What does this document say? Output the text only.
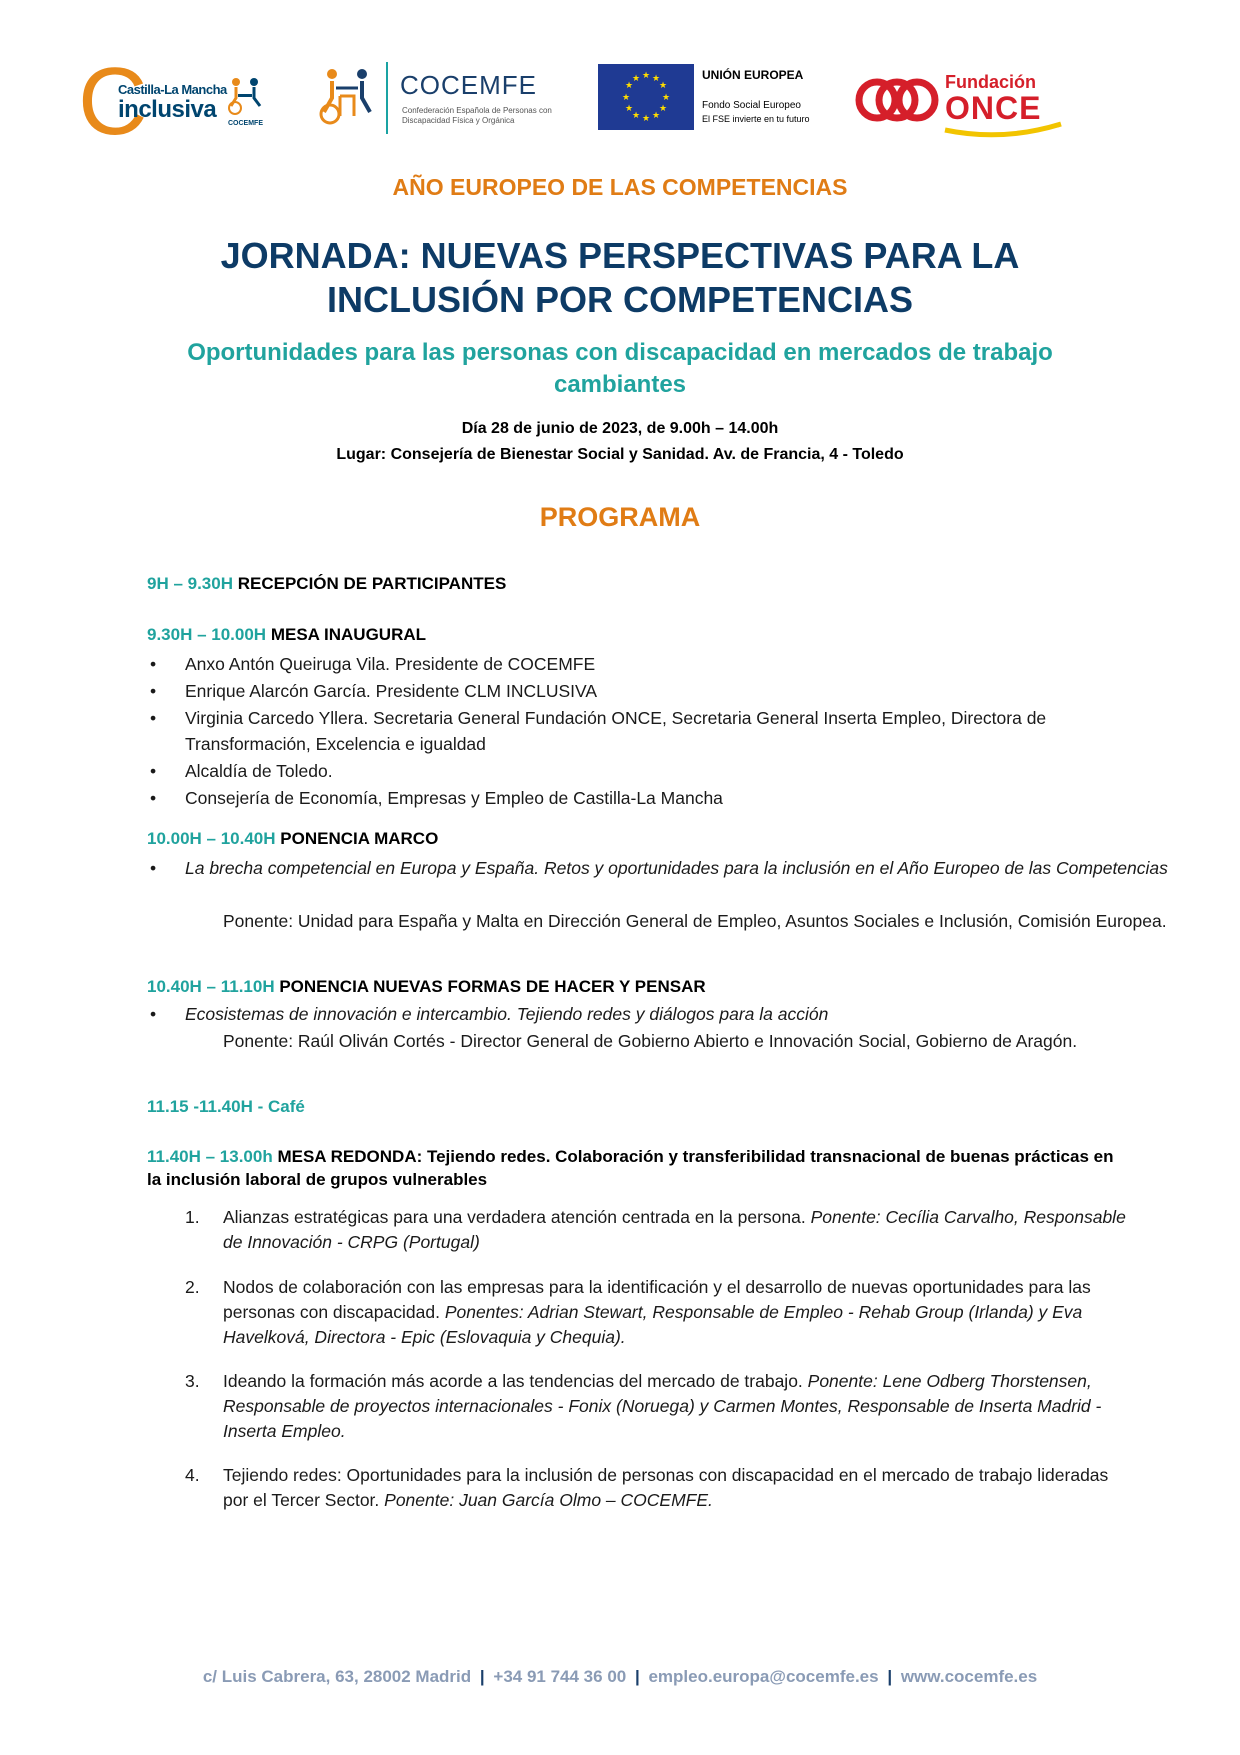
C
Castilla-La Mancha
inclusiva
COCEMFE
COCEMFE
Confederación Española de Personas con Discapacidad Física y Orgánica
★ ★
★
★
★
★
★
★
★
★
★
★	UNIÓN EUROPEA
Fondo Social Europeo
El FSE invierte en tu futuro
Fundación
ONCE
AÑO EUROPEO DE LAS COMPETENCIAS
JORNADA: NUEVAS PERSPECTIVAS PARA LA
INCLUSIÓN POR COMPETENCIAS
Oportunidades para las personas con discapacidad en mercados de trabajo cambiantes
Día 28 de junio de 2023, de 9.00h – 14.00h
Lugar: Consejería de Bienestar Social y Sanidad. Av. de Francia, 4 - Toledo
PROGRAMA
9H – 9.30H RECEPCIÓN DE PARTICIPANTES
9.30H – 10.00H MESA INAUGURAL
• Anxo Antón Queiruga Vila. Presidente de COCEMFE
• Enrique Alarcón García. Presidente CLM INCLUSIVA
• Virginia Carcedo Yllera. Secretaria General Fundación ONCE, Secretaria General Inserta Empleo, Directora de Transformación, Excelencia e igualdad
• Alcaldía de Toledo.
• Consejería de Economía, Empresas y Empleo de Castilla-La Mancha
10.00H – 10.40H PONENCIA MARCO
• La brecha competencial en Europa y España. Retos y oportunidades para la inclusión en el Año Europeo de las Competencias
Ponente: Unidad para España y Malta en Dirección General de Empleo, Asuntos Sociales e Inclusión, Comisión Europea.
10.40H – 11.10H PONENCIA NUEVAS FORMAS DE HACER Y PENSAR
• Ecosistemas de innovación e intercambio. Tejiendo redes y diálogos para la acción
Ponente: Raúl Oliván Cortés - Director General de Gobierno Abierto e Innovación Social, Gobierno de Aragón.
11.15 -11.40H - Café
11.40H – 13.00h MESA REDONDA: Tejiendo redes. Colaboración y transferibilidad transnacional de buenas prácticas en la inclusión laboral de grupos vulnerables
1. Alianzas estratégicas para una verdadera atención centrada en la persona. Ponente: Cecília Carvalho, Responsable de Innovación - CRPG (Portugal)
2. Nodos de colaboración con las empresas para la identificación y el desarrollo de nuevas oportunidades para las personas con discapacidad. Ponentes: Adrian Stewart, Responsable de Empleo - Rehab Group (Irlanda) y Eva Havelková, Directora - Epic (Eslovaquia y Chequia).
3. Ideando la formación más acorde a las tendencias del mercado de trabajo. Ponente: Lene Odberg Thorstensen, Responsable de proyectos internacionales - Fonix (Noruega) y Carmen Montes, Responsable de Inserta Madrid - Inserta Empleo.
4. Tejiendo redes: Oportunidades para la inclusión de personas con discapacidad en el mercado de trabajo lideradas por el Tercer Sector. Ponente: Juan García Olmo – COCEMFE.
c/ Luis Cabrera, 63, 28002 Madrid | +34 91 744 36 00 | empleo.europa@cocemfe.es | www.cocemfe.es
